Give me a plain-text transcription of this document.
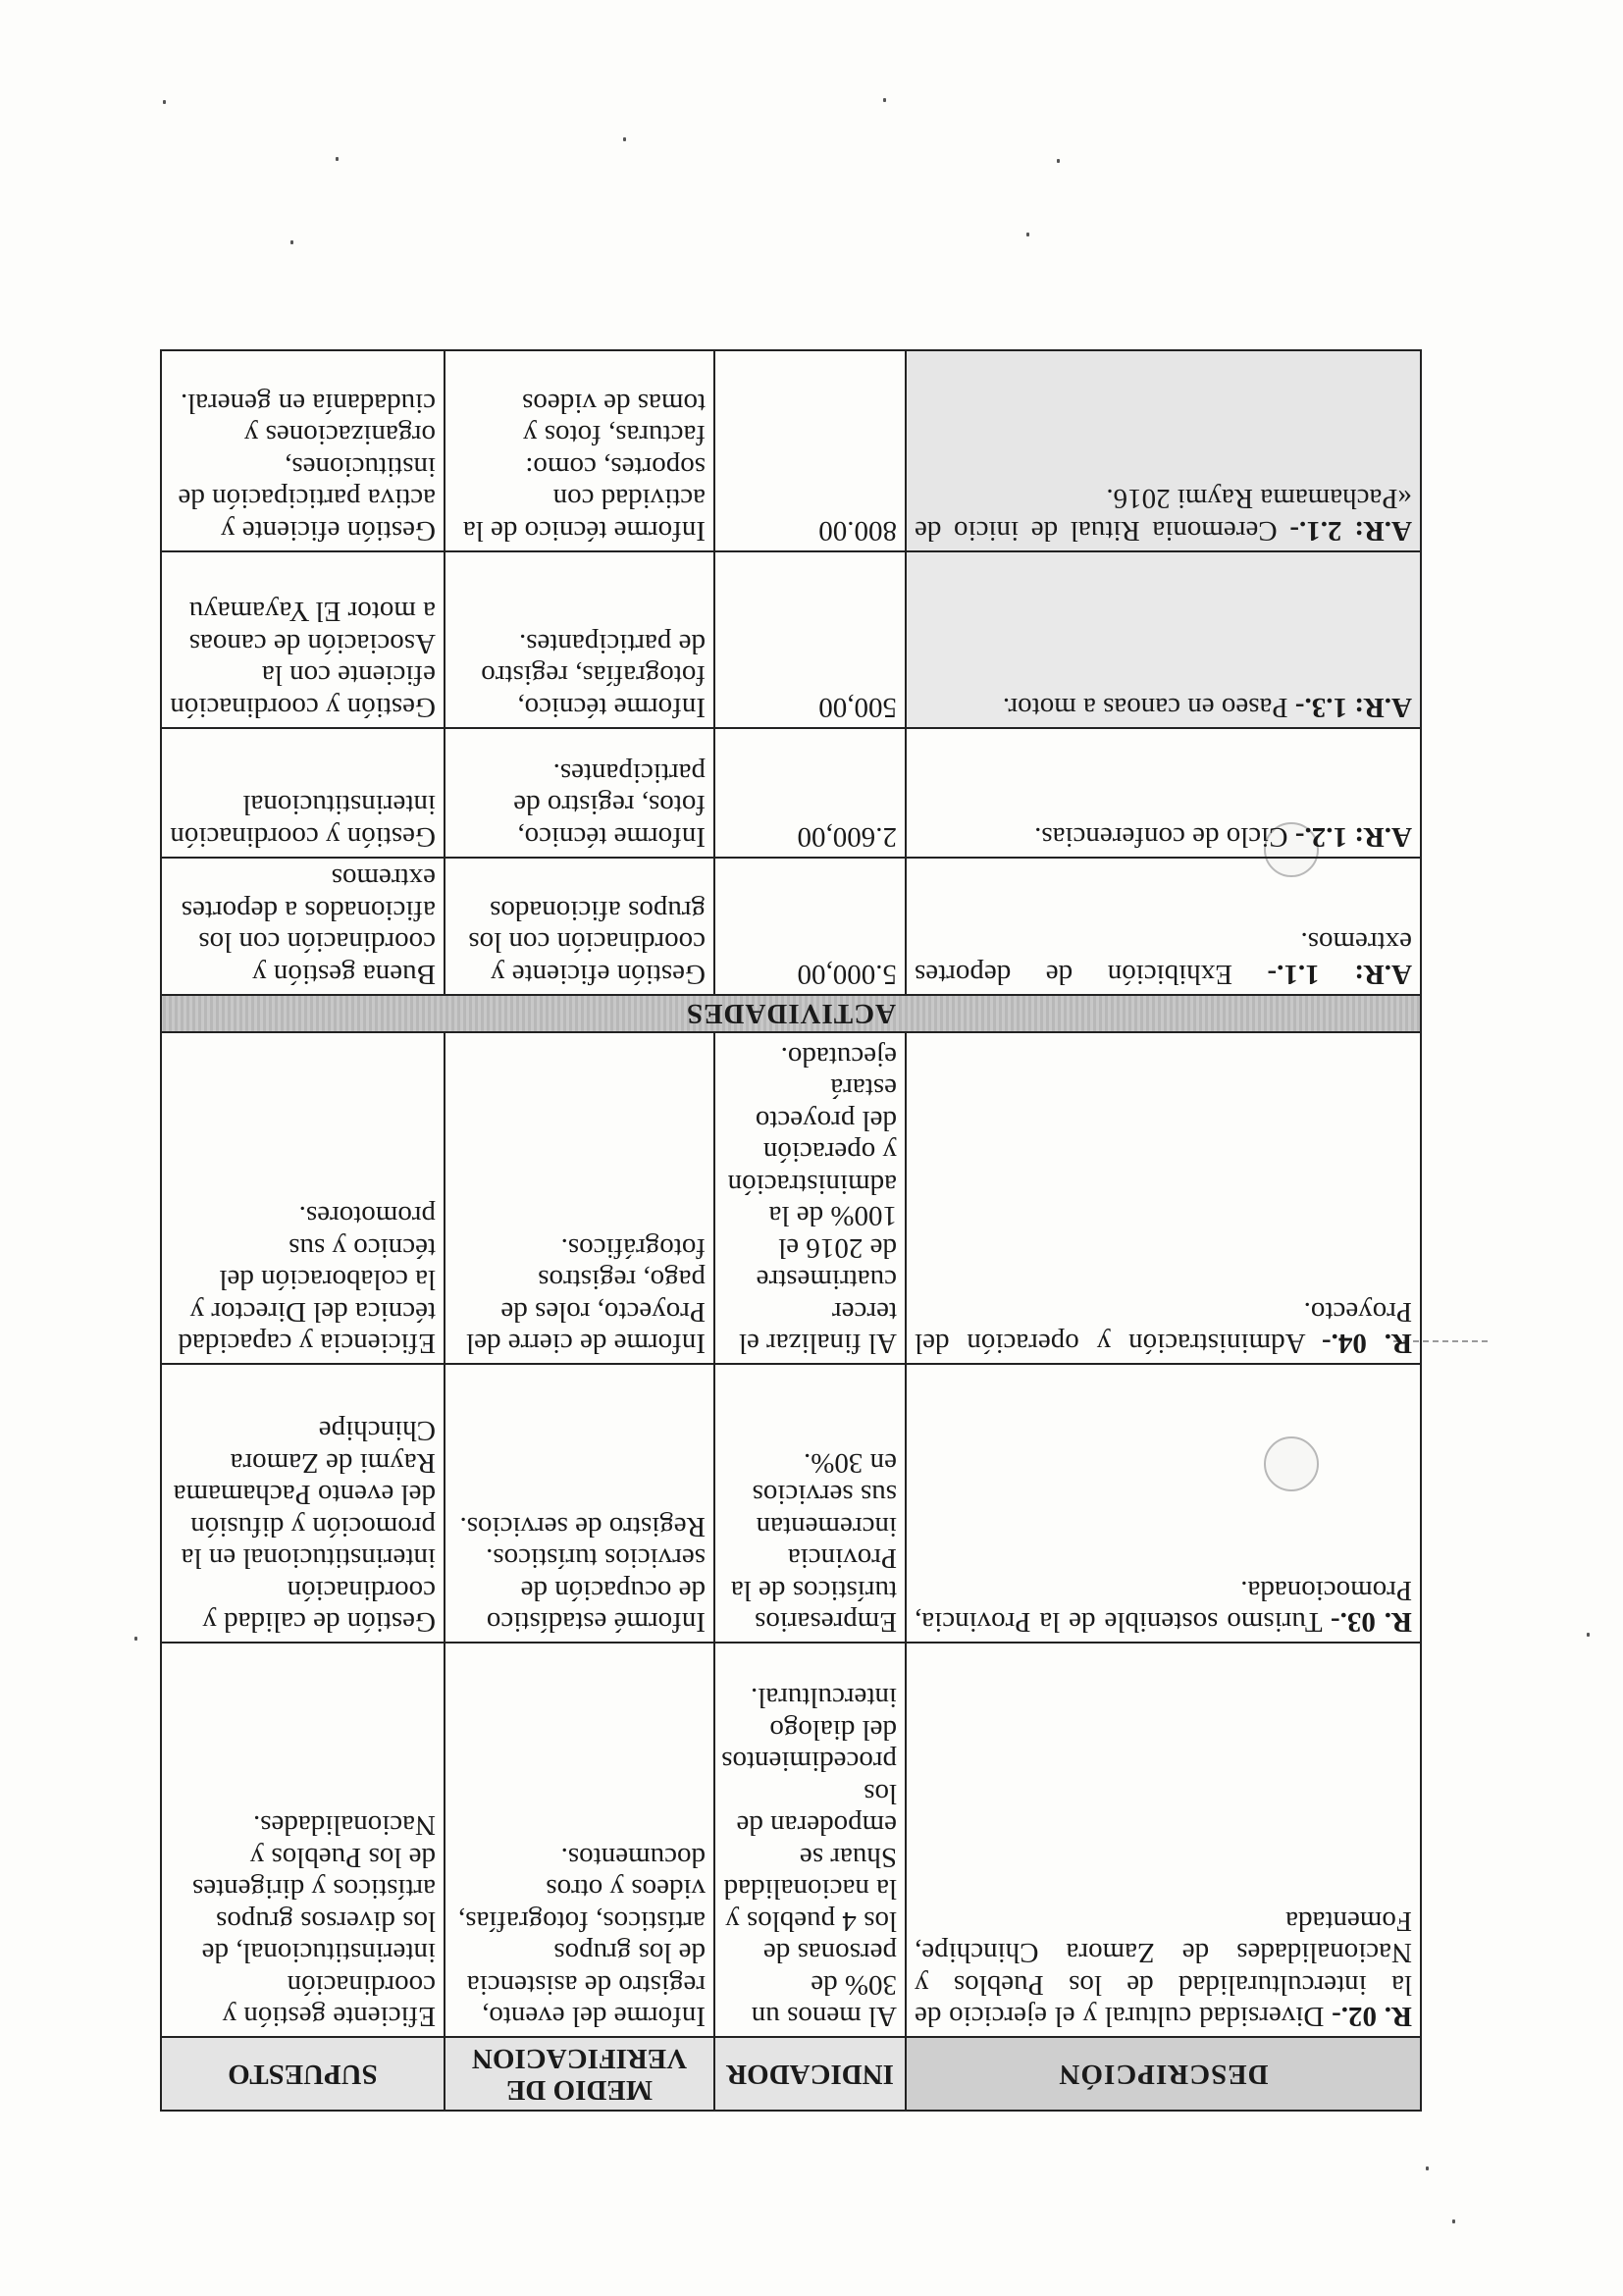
DESCRIPCIÓN	INDICADOR	MEDIO DE VERIFICACION	SUPUESTO
R. 02.- Diversidad cultural y el ejercicio de la interculturalidad de los Pueblos y Nacionalidades de Zamora Chinchipe, Fomentada	Al menos un 30% de personas de los 4 pueblos y la nacionalidad Shuar se empoderan de los procedimientos del dialogo intercultural.	Informe del evento, registro de asistencia de los grupos artísticos, fotografías, videos y otros documentos.	Eficiente gestión y coordinación interinstitucional, de los diversos grupos artísticos y dirigentes de los Pueblos y Nacionalidades.
R. 03.- Turismo sostenible de la Provincia, Promocionada.	Empresarios turísticos de la Provincia incrementan sus servicios en 30%.	Informé estadístico de ocupación de servicios turísticos. Registro de servicios.	Gestión de calidad y coordinación interinstitucional en la promoción y difusión del evento Pachamama Raymi de Zamora Chinchipe
R. 04.- Administración y operación del Proyecto.	Al finalizar el tercer cuatrimestre de 2016 el 100% de la administración y operación del proyecto estará ejecutado.	Informe de cierre del Proyecto, roles de pago, registros fotográficos.	Eficiencia y capacidad técnica del Director y la colaboración del técnico y sus promotores.
ACTIVIDADES			
A.R: 1.1.- Exhibición de deportes extremos.	5.000,00	Gestión eficiente y coordinación con los grupos aficionados	Buena gestión y coordinación con los aficionados a deportes extremos
A.R: 1.2.- Ciclo de conferencias.	2.600,00	Informe técnico, fotos, registro de participantes.	Gestión y coordinación interinstitucional
A.R: 1.3.- Paseo en canoas a motor.	500,00	Informe técnico, fotografías, registro de participantes.	Gestión y coordinación eficiente con la Asociación de canoas a motor El Yayamayu
A.R: 2.1.- Ceremonia Ritual de inicio de «Pachamama Raymi 2016.	800.00	Informe técnico de la actividad con soportes, como: facturas, fotos y tomas de videos	Gestión eficiente y activa participación de instituciones, organizaciones y ciudadanía en general.
